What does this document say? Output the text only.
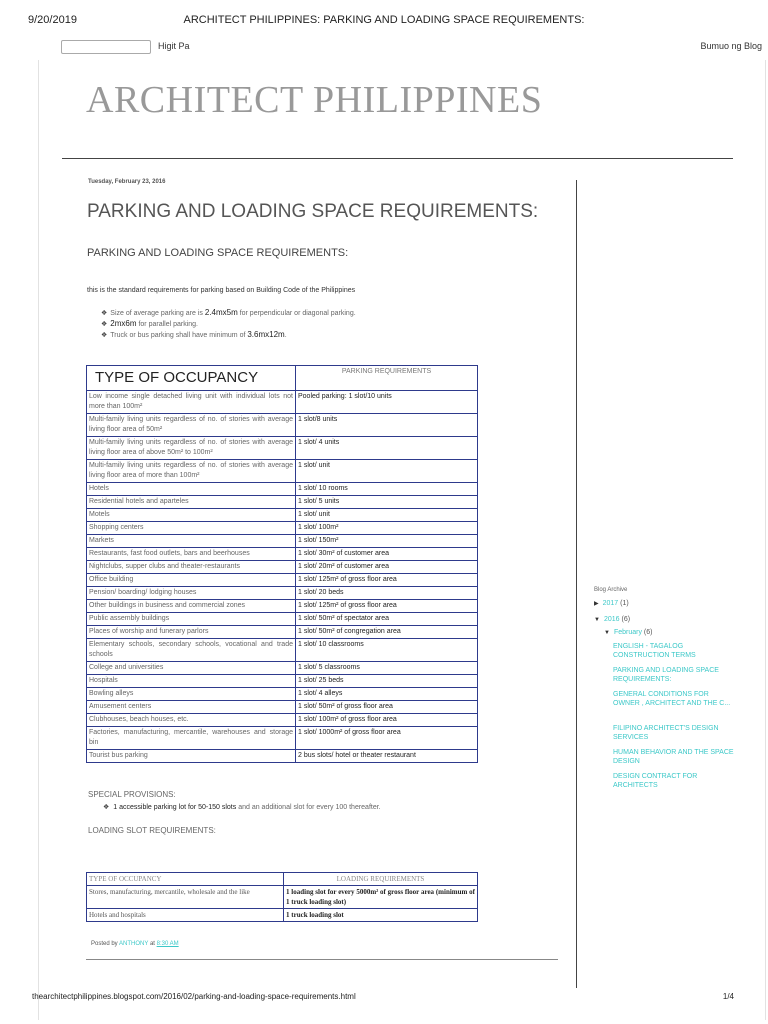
9/20/2019	ARCHITECT PHILIPPINES: PARKING AND LOADING SPACE REQUIREMENTS:
Higit Pa	Bumuo ng Blog
ARCHITECT PHILIPPINES
Tuesday, February 23, 2016
PARKING AND LOADING SPACE REQUIREMENTS:
PARKING AND LOADING SPACE REQUIREMENTS:
this is the standard requirements for parking based on Building Code of the Philippines
❖ Size of average parking are is 2.4mx5m for perpendicular or diagonal parking.
❖ 2mx6m for parallel parking.
❖ Truck or bus parking shall have minimum of 3.6mx12m.
TYPE OF OCCUPANCY	PARKING REQUIREMENTS
Low income single detached living unit with individual lots not more than 100m²	Pooled parking: 1 slot/10 units
Multi-family living units regardless of no. of stories with average living floor area of 50m²	1 slot/8 units
Multi-family living units regardless of no. of stories with average living floor area of above 50m² to 100m²	1 slot/ 4 units
Multi-family living units regardless of no. of stories with average living floor area of more than 100m²	1 slot/ unit
Hotels	1 slot/ 10 rooms
Residential hotels and aparteles	1 slot/ 5 units
Motels	1 slot/ unit
Shopping centers	1 slot/ 100m²
Markets	1 slot/ 150m²
Restaurants, fast food outlets, bars and beerhouses	1 slot/ 30m² of customer area
Nightclubs, supper clubs and theater-restaurants	1 slot/ 20m² of customer area
Office building	1 slot/ 125m² of gross floor area
Pension/ boarding/ lodging houses	1 slot/ 20 beds
Other buildings in business and commercial zones	1 slot/ 125m² of gross floor area
Public assembly buildings	1 slot/ 50m² of spectator area
Places of worship and funerary parlors	1 slot/ 50m² of congregation area
Elementary schools, secondary schools, vocational and trade schools	1 slot/ 10 classrooms
College and universities	1 slot/ 5 classrooms
Hospitals	1 slot/ 25 beds
Bowling alleys	1 slot/ 4 alleys
Amusement centers	1 slot/ 50m² of gross floor area
Clubhouses, beach houses, etc.	1 slot/ 100m² of gross floor area
Factories, manufacturing, mercantile, warehouses and storage bin	1 slot/ 1000m² of gross floor area
Tourist bus parking	2 bus slots/ hotel or theater restaurant
SPECIAL PROVISIONS:
❖ 1 accessible parking lot for 50-150 slots and an additional slot for every 100 thereafter.
LOADING SLOT REQUIREMENTS:
TYPE OF OCCUPANCY	LOADING REQUIREMENTS
Stores, manufacturing, mercantile, wholesale and the like	1 loading slot for every 5000m² of gross floor area (minimum of 1 truck loading slot)
Hotels and hospitals	1 truck loading slot
Posted by ANTHONY at 8:30 AM
Blog Archive
▶ 2017 (1)
▼ 2016 (6)
▼ February (6)
ENGLISH - TAGALOG CONSTRUCTION TERMS
PARKING AND LOADING SPACE REQUIREMENTS:
GENERAL CONDITIONS FOR OWNER , ARCHITECT AND THE C...
FILIPINO ARCHITECT'S DESIGN SERVICES
HUMAN BEHAVIOR AND THE SPACE DESIGN
DESIGN CONTRACT FOR ARCHITECTS
thearchitectphilippines.blogspot.com/2016/02/parking-and-loading-space-requirements.html	1/4
